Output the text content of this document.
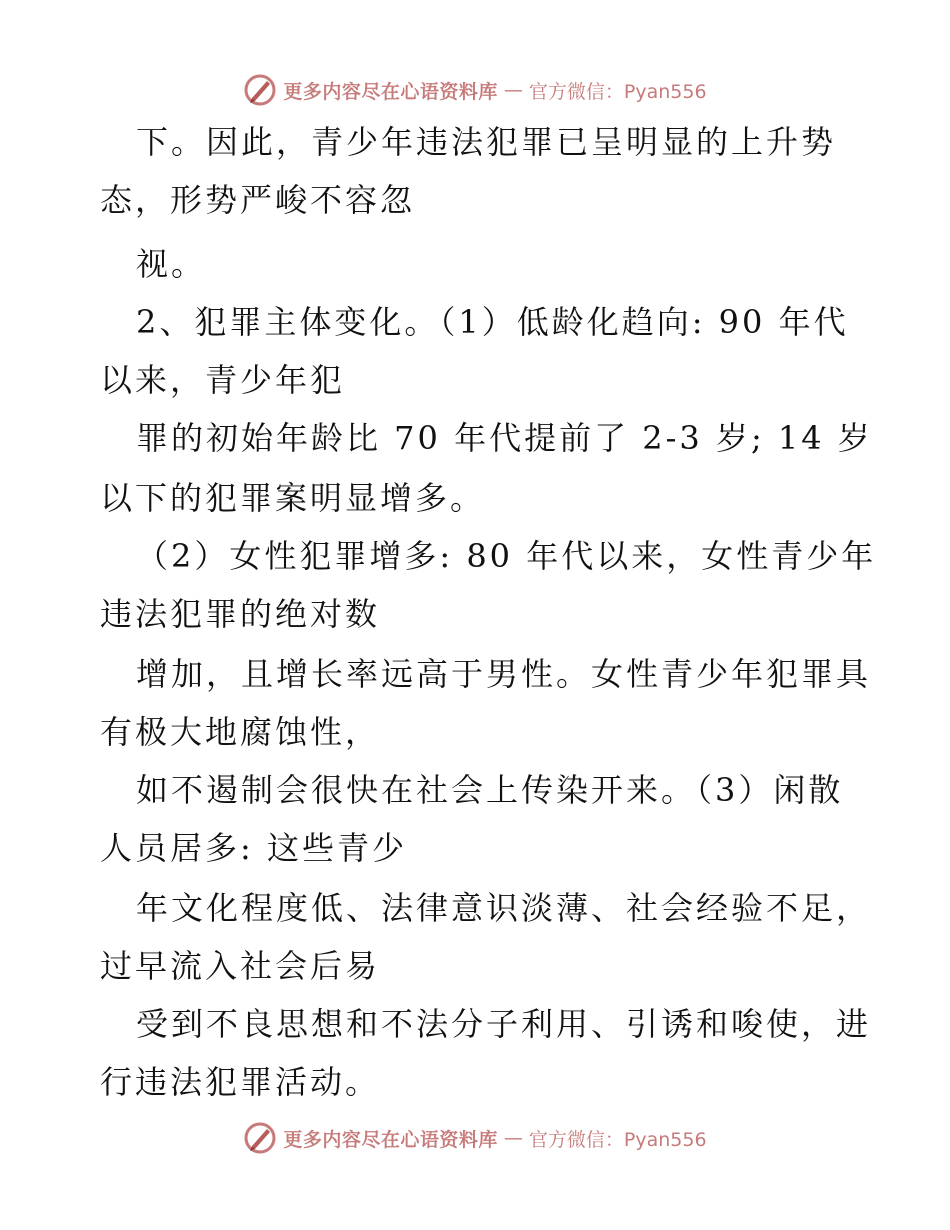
更多内容尽在心语资料库 — 官方微信：Pyan556
下。因此，青少年违法犯罪已呈明显的上升势
态，形势严峻不容忽
视。
2、犯罪主体变化。（1）低龄化趋向: 90 年代
以来，青少年犯
罪的初始年龄比 70 年代提前了 2-3 岁; 14 岁
以下的犯罪案明显增多。
（2）女性犯罪增多: 80 年代以来，女性青少年
违法犯罪的绝对数
增加，且增长率远高于男性。女性青少年犯罪具
有极大地腐蚀性，
如不遏制会很快在社会上传染开来。（3）闲散
人员居多: 这些青少
年文化程度低、法律意识淡薄、社会经验不足，
过早流入社会后易
受到不良思想和不法分子利用、引诱和唆使，进
行违法犯罪活动。
更多内容尽在心语资料库 — 官方微信：Pyan556
